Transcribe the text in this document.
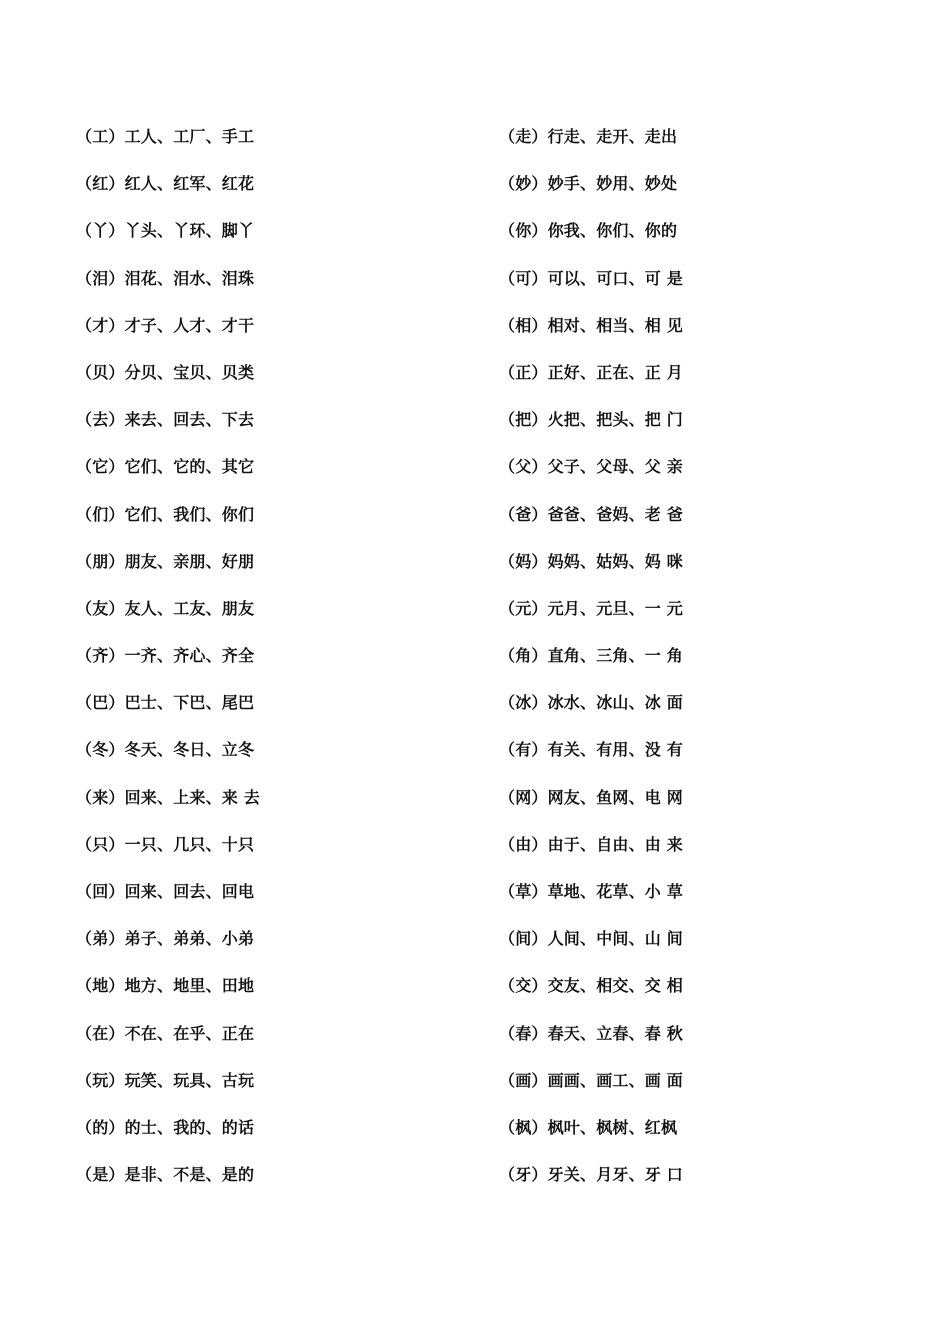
（工）工人、工厂、手工
（红）红人、红军、红花
（丫）丫头、丫环、脚丫
（泪）泪花、泪水、泪珠
（才）才子、人才、才干
（贝）分贝、宝贝、贝类
（去）来去、回去、下去
（它）它们、它的、其它
（们）它们、我们、你们
（朋）朋友、亲朋、好朋
（友）友人、工友、朋友
（齐）一齐、齐心、齐全
（巴）巴士、下巴、尾巴
（冬）冬天、冬日、立冬
（来）回来、上来、来 去
（只）一只、几只、十只
（回）回来、回去、回电
（弟）弟子、弟弟、小弟
（地）地方、地里、田地
（在）不在、在乎、正在
（玩）玩笑、玩具、古玩
（的）的士、我的、的话
（是）是非、不是、是的
（走）行走、走开、走出
（妙）妙手、妙用、妙处
（你）你我、你们、你的
（可）可以、可口、可 是
（相）相对、相当、相 见
（正）正好、正在、正 月
（把）火把、把头、把 门
（父）父子、父母、父 亲
（爸）爸爸、爸妈、老 爸
（妈）妈妈、姑妈、妈 咪
（元）元月、元旦、一 元
（角）直角、三角、一 角
（冰）冰水、冰山、冰 面
（有）有关、有用、没 有
（网）网友、鱼网、电 网
（由）由于、自由、由 来
（草）草地、花草、小 草
（间）人间、中间、山 间
（交）交友、相交、交 相
（春）春天、立春、春 秋
（画）画画、画工、画 面
（枫）枫叶、枫树、红枫
（牙）牙关、月牙、牙 口
